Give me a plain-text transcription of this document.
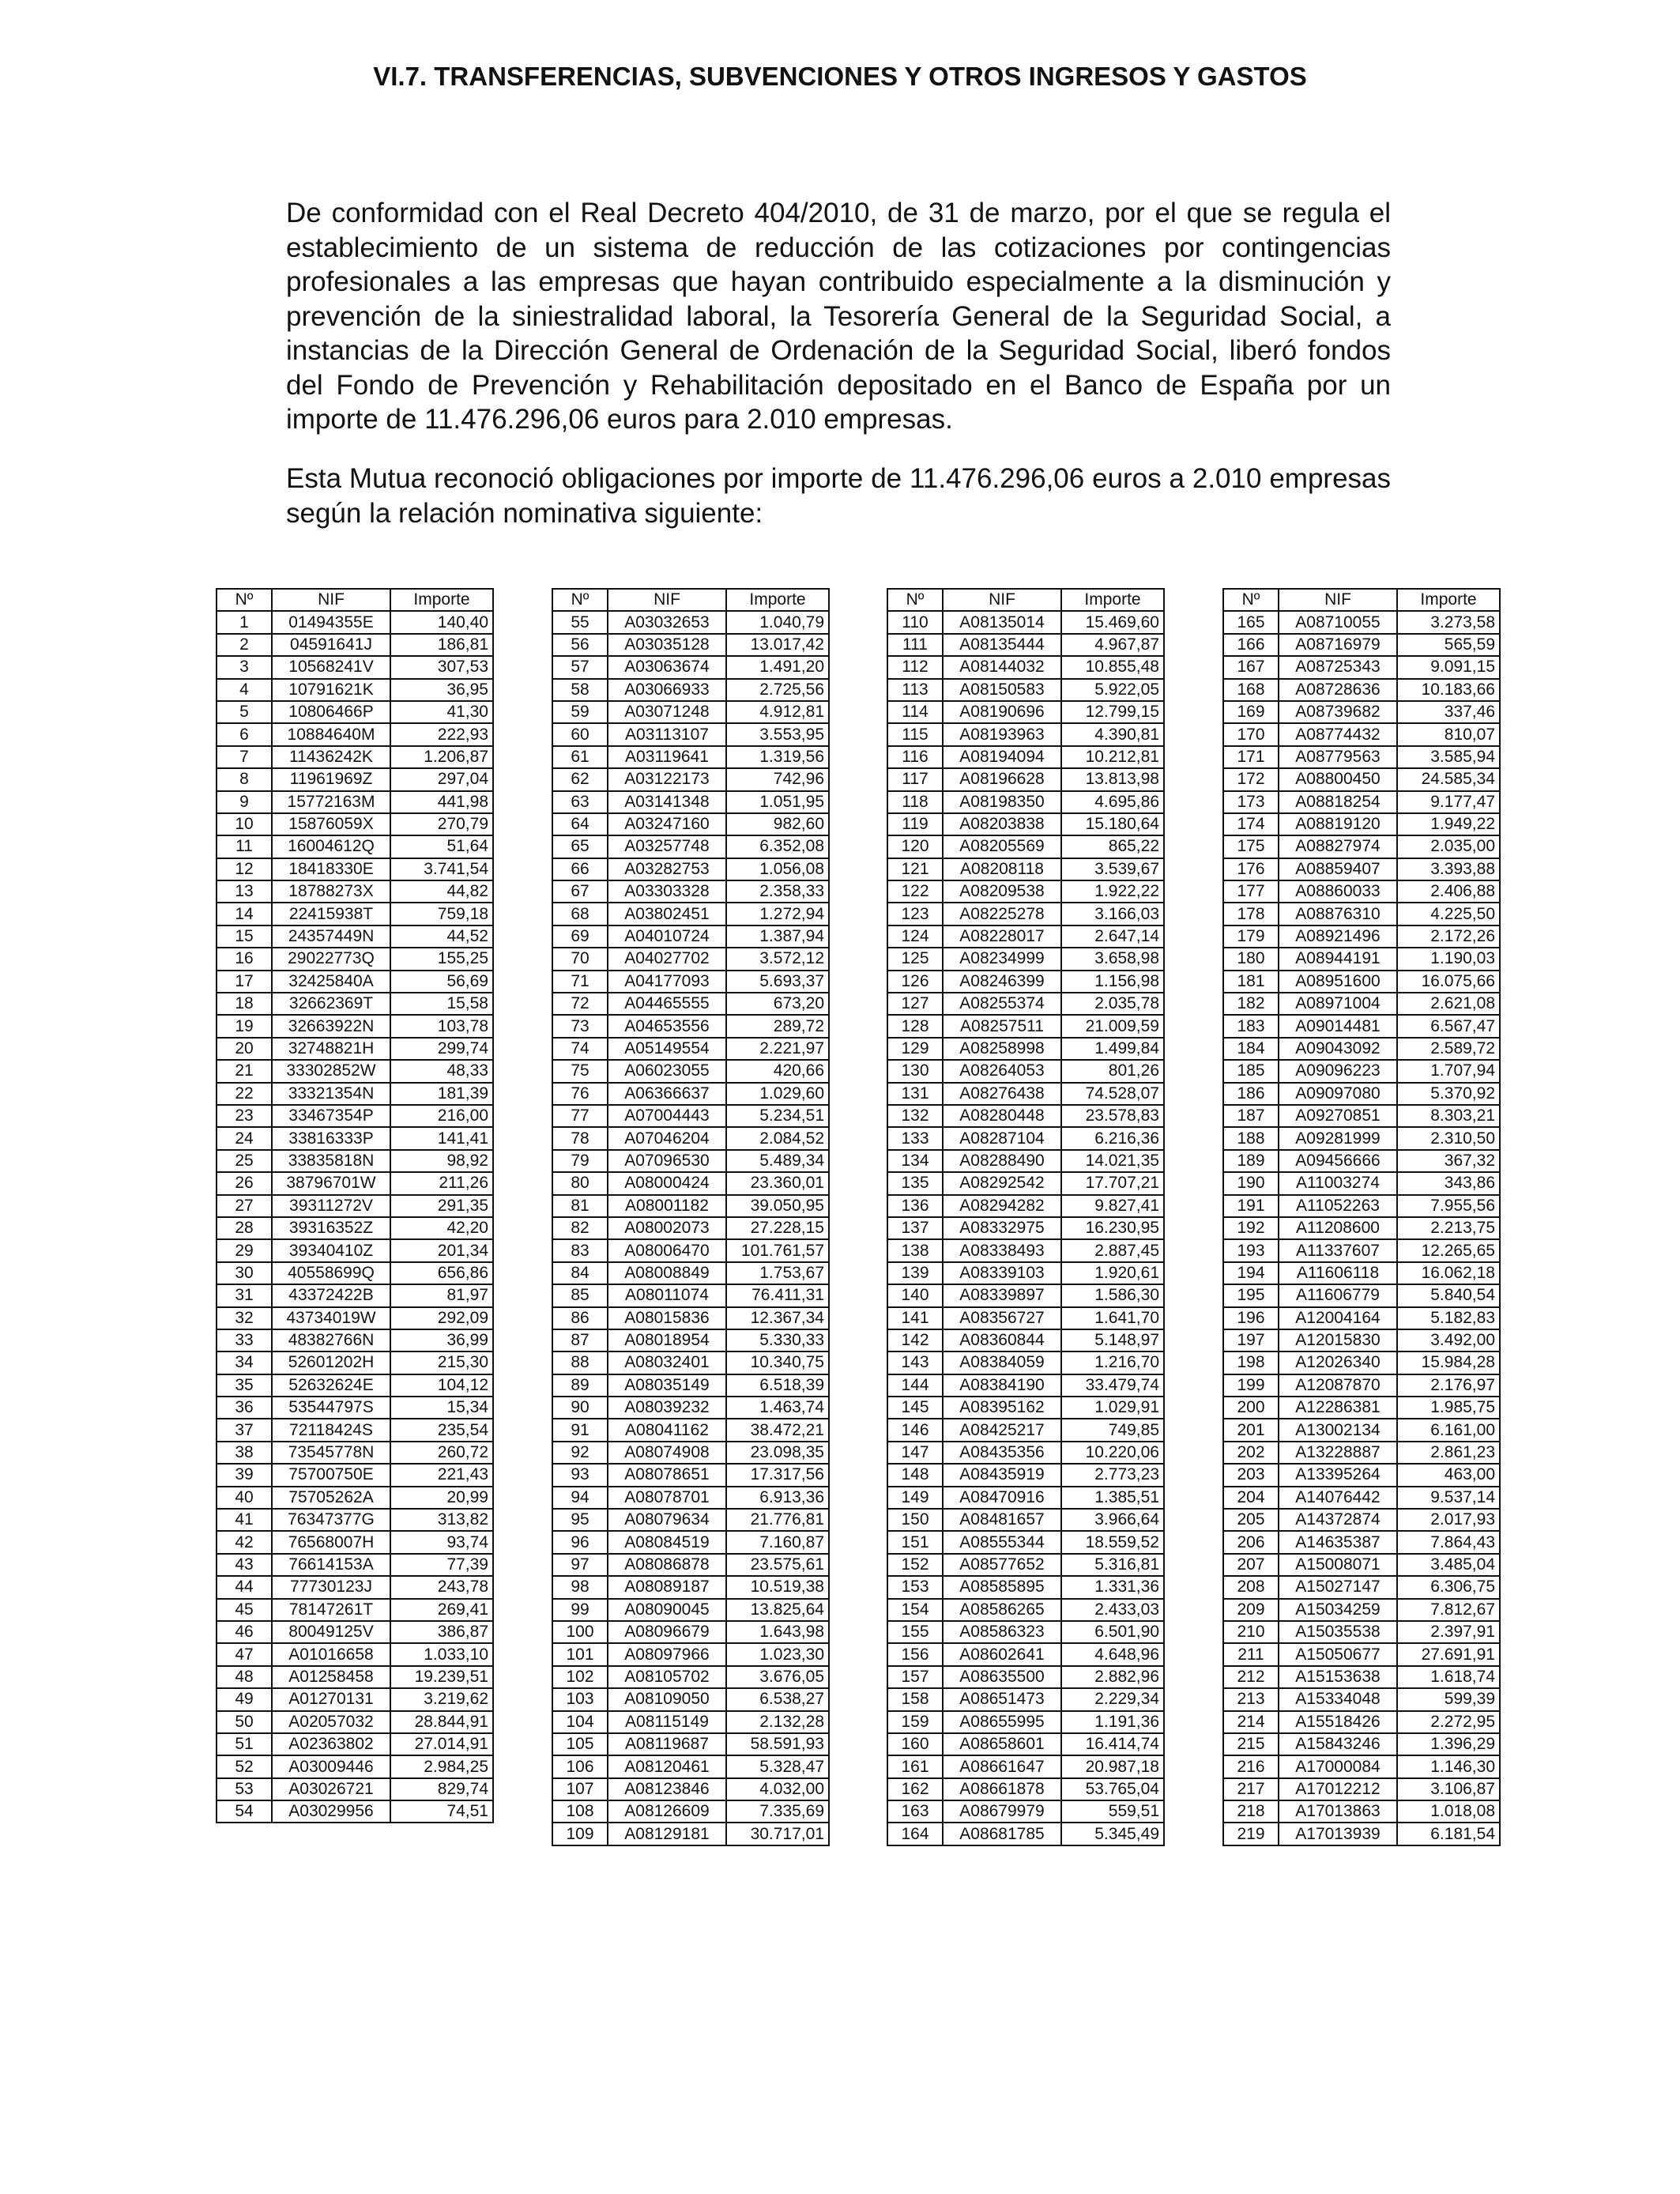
VI.7. TRANSFERENCIAS, SUBVENCIONES Y OTROS INGRESOS Y GASTOS
De conformidad con el Real Decreto 404/2010, de 31 de marzo, por el que se regula el establecimiento de un sistema de reducción de las cotizaciones por contingencias profesionales a las empresas que hayan contribuido especialmente a la disminución y prevención de la siniestralidad laboral, la Tesorería General de la Seguridad Social, a instancias de la Dirección General de Ordenación de la Seguridad Social, liberó fondos del Fondo de Prevención y Rehabilitación depositado en el Banco de España por un importe de 11.476.296,06 euros para 2.010 empresas.
Esta Mutua reconoció obligaciones por importe de 11.476.296,06 euros a 2.010 empresas según la relación nominativa siguiente:
Nº	NIF	Importe
1	01494355E	140,40
2	04591641J	186,81
3	10568241V	307,53
4	10791621K	36,95
5	10806466P	41,30
6	10884640M	222,93
7	11436242K	1.206,87
8	11961969Z	297,04
9	15772163M	441,98
10	15876059X	270,79
11	16004612Q	51,64
12	18418330E	3.741,54
13	18788273X	44,82
14	22415938T	759,18
15	24357449N	44,52
16	29022773Q	155,25
17	32425840A	56,69
18	32662369T	15,58
19	32663922N	103,78
20	32748821H	299,74
21	33302852W	48,33
22	33321354N	181,39
23	33467354P	216,00
24	33816333P	141,41
25	33835818N	98,92
26	38796701W	211,26
27	39311272V	291,35
28	39316352Z	42,20
29	39340410Z	201,34
30	40558699Q	656,86
31	43372422B	81,97
32	43734019W	292,09
33	48382766N	36,99
34	52601202H	215,30
35	52632624E	104,12
36	53544797S	15,34
37	72118424S	235,54
38	73545778N	260,72
39	75700750E	221,43
40	75705262A	20,99
41	76347377G	313,82
42	76568007H	93,74
43	76614153A	77,39
44	77730123J	243,78
45	78147261T	269,41
46	80049125V	386,87
47	A01016658	1.033,10
48	A01258458	19.239,51
49	A01270131	3.219,62
50	A02057032	28.844,91
51	A02363802	27.014,91
52	A03009446	2.984,25
53	A03026721	829,74
54	A03029956	74,51
Nº	NIF	Importe
55	A03032653	1.040,79
56	A03035128	13.017,42
57	A03063674	1.491,20
58	A03066933	2.725,56
59	A03071248	4.912,81
60	A03113107	3.553,95
61	A03119641	1.319,56
62	A03122173	742,96
63	A03141348	1.051,95
64	A03247160	982,60
65	A03257748	6.352,08
66	A03282753	1.056,08
67	A03303328	2.358,33
68	A03802451	1.272,94
69	A04010724	1.387,94
70	A04027702	3.572,12
71	A04177093	5.693,37
72	A04465555	673,20
73	A04653556	289,72
74	A05149554	2.221,97
75	A06023055	420,66
76	A06366637	1.029,60
77	A07004443	5.234,51
78	A07046204	2.084,52
79	A07096530	5.489,34
80	A08000424	23.360,01
81	A08001182	39.050,95
82	A08002073	27.228,15
83	A08006470	101.761,57
84	A08008849	1.753,67
85	A08011074	76.411,31
86	A08015836	12.367,34
87	A08018954	5.330,33
88	A08032401	10.340,75
89	A08035149	6.518,39
90	A08039232	1.463,74
91	A08041162	38.472,21
92	A08074908	23.098,35
93	A08078651	17.317,56
94	A08078701	6.913,36
95	A08079634	21.776,81
96	A08084519	7.160,87
97	A08086878	23.575,61
98	A08089187	10.519,38
99	A08090045	13.825,64
100	A08096679	1.643,98
101	A08097966	1.023,30
102	A08105702	3.676,05
103	A08109050	6.538,27
104	A08115149	2.132,28
105	A08119687	58.591,93
106	A08120461	5.328,47
107	A08123846	4.032,00
108	A08126609	7.335,69
109	A08129181	30.717,01
Nº	NIF	Importe
110	A08135014	15.469,60
111	A08135444	4.967,87
112	A08144032	10.855,48
113	A08150583	5.922,05
114	A08190696	12.799,15
115	A08193963	4.390,81
116	A08194094	10.212,81
117	A08196628	13.813,98
118	A08198350	4.695,86
119	A08203838	15.180,64
120	A08205569	865,22
121	A08208118	3.539,67
122	A08209538	1.922,22
123	A08225278	3.166,03
124	A08228017	2.647,14
125	A08234999	3.658,98
126	A08246399	1.156,98
127	A08255374	2.035,78
128	A08257511	21.009,59
129	A08258998	1.499,84
130	A08264053	801,26
131	A08276438	74.528,07
132	A08280448	23.578,83
133	A08287104	6.216,36
134	A08288490	14.021,35
135	A08292542	17.707,21
136	A08294282	9.827,41
137	A08332975	16.230,95
138	A08338493	2.887,45
139	A08339103	1.920,61
140	A08339897	1.586,30
141	A08356727	1.641,70
142	A08360844	5.148,97
143	A08384059	1.216,70
144	A08384190	33.479,74
145	A08395162	1.029,91
146	A08425217	749,85
147	A08435356	10.220,06
148	A08435919	2.773,23
149	A08470916	1.385,51
150	A08481657	3.966,64
151	A08555344	18.559,52
152	A08577652	5.316,81
153	A08585895	1.331,36
154	A08586265	2.433,03
155	A08586323	6.501,90
156	A08602641	4.648,96
157	A08635500	2.882,96
158	A08651473	2.229,34
159	A08655995	1.191,36
160	A08658601	16.414,74
161	A08661647	20.987,18
162	A08661878	53.765,04
163	A08679979	559,51
164	A08681785	5.345,49
Nº	NIF	Importe
165	A08710055	3.273,58
166	A08716979	565,59
167	A08725343	9.091,15
168	A08728636	10.183,66
169	A08739682	337,46
170	A08774432	810,07
171	A08779563	3.585,94
172	A08800450	24.585,34
173	A08818254	9.177,47
174	A08819120	1.949,22
175	A08827974	2.035,00
176	A08859407	3.393,88
177	A08860033	2.406,88
178	A08876310	4.225,50
179	A08921496	2.172,26
180	A08944191	1.190,03
181	A08951600	16.075,66
182	A08971004	2.621,08
183	A09014481	6.567,47
184	A09043092	2.589,72
185	A09096223	1.707,94
186	A09097080	5.370,92
187	A09270851	8.303,21
188	A09281999	2.310,50
189	A09456666	367,32
190	A11003274	343,86
191	A11052263	7.955,56
192	A11208600	2.213,75
193	A11337607	12.265,65
194	A11606118	16.062,18
195	A11606779	5.840,54
196	A12004164	5.182,83
197	A12015830	3.492,00
198	A12026340	15.984,28
199	A12087870	2.176,97
200	A12286381	1.985,75
201	A13002134	6.161,00
202	A13228887	2.861,23
203	A13395264	463,00
204	A14076442	9.537,14
205	A14372874	2.017,93
206	A14635387	7.864,43
207	A15008071	3.485,04
208	A15027147	6.306,75
209	A15034259	7.812,67
210	A15035538	2.397,91
211	A15050677	27.691,91
212	A15153638	1.618,74
213	A15334048	599,39
214	A15518426	2.272,95
215	A15843246	1.396,29
216	A17000084	1.146,30
217	A17012212	3.106,87
218	A17013863	1.018,08
219	A17013939	6.181,54
